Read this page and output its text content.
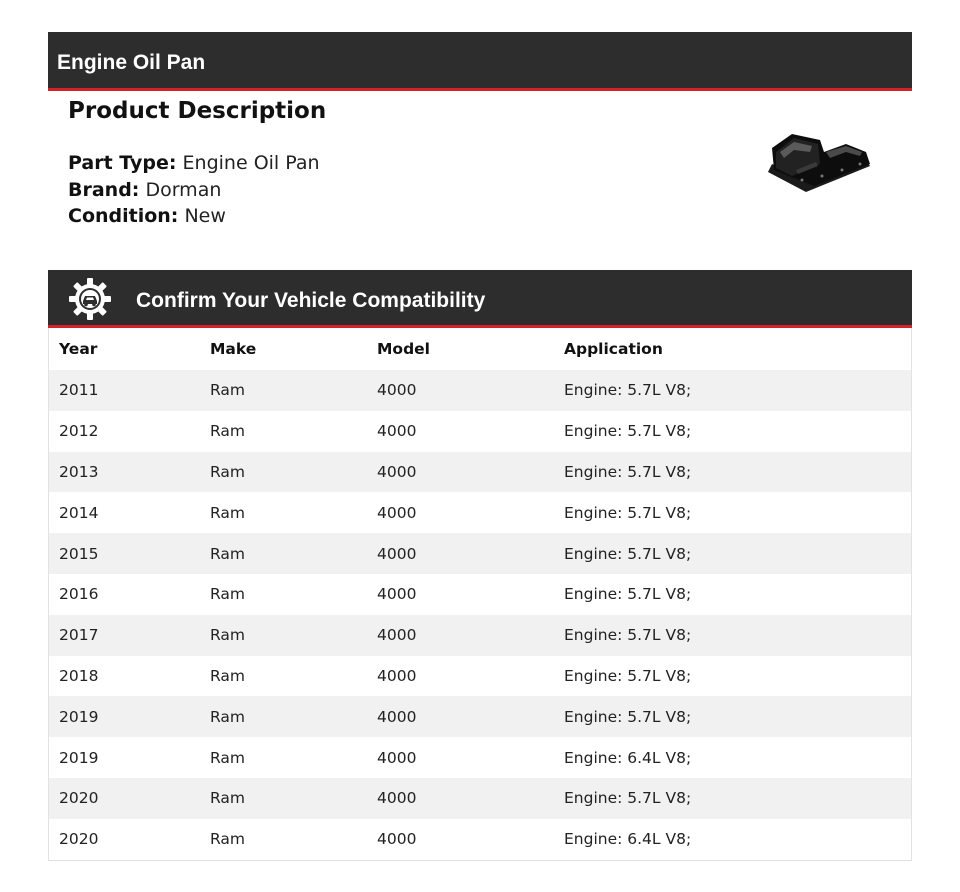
Engine Oil Pan
Product Description
Part Type: Engine Oil Pan
Brand: Dorman
Condition: New
Confirm Your Vehicle Compatibility
Year	Make	Model	Application
2011	Ram	4000	Engine: 5.7L V8;
2012	Ram	4000	Engine: 5.7L V8;
2013	Ram	4000	Engine: 5.7L V8;
2014	Ram	4000	Engine: 5.7L V8;
2015	Ram	4000	Engine: 5.7L V8;
2016	Ram	4000	Engine: 5.7L V8;
2017	Ram	4000	Engine: 5.7L V8;
2018	Ram	4000	Engine: 5.7L V8;
2019	Ram	4000	Engine: 5.7L V8;
2019	Ram	4000	Engine: 6.4L V8;
2020	Ram	4000	Engine: 5.7L V8;
2020	Ram	4000	Engine: 6.4L V8;
